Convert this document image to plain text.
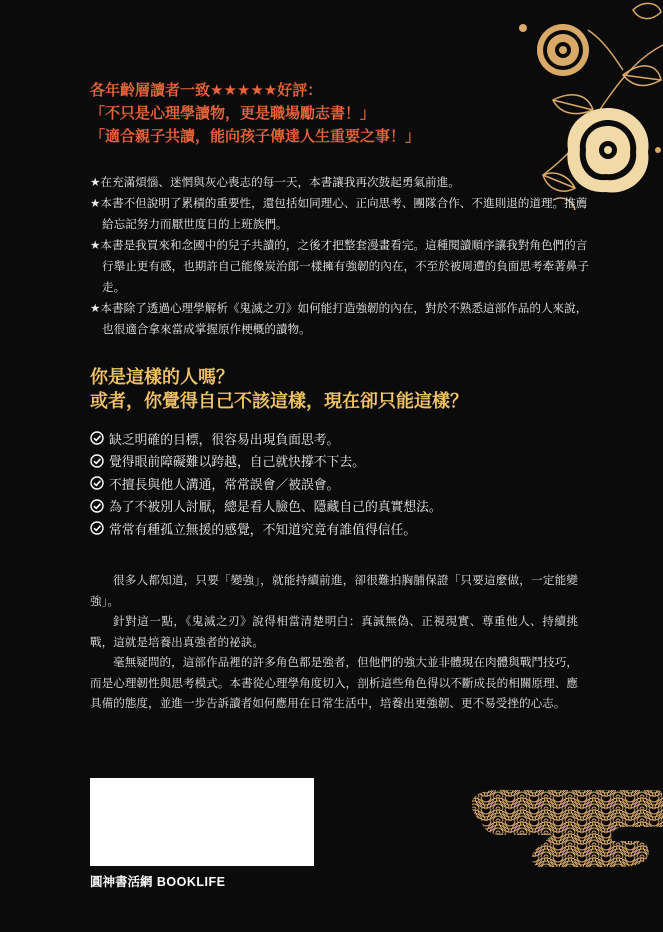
各年齡層讀者一致★★★★★好評：
「不只是心理學讀物，更是職場勵志書！」
「適合親子共讀，能向孩子傳達人生重要之事！」
★在充滿煩惱、迷惘與灰心喪志的每一天，本書讓我再次鼓起勇氣前進。
★本書不但說明了累積的重要性，還包括如同理心、正向思考、團隊合作、不進則退的道理。推薦給忘記努力而厭世度日的上班族們。
★本書是我買來和念國中的兒子共讀的，之後才把整套漫畫看完。這種閱讀順序讓我對角色們的言行舉止更有感，也期許自己能像炭治郎一樣擁有強韌的內在，不至於被周遭的負面思考牽著鼻子走。
★本書除了透過心理學解析《鬼滅之刃》如何能打造強韌的內在，對於不熟悉這部作品的人來說，也很適合拿來當成掌握原作梗概的讀物。
你是這樣的人嗎？
或者，你覺得自己不該這樣，現在卻只能這樣？
缺乏明確的目標，很容易出現負面思考。
覺得眼前障礙難以跨越，自己就快撐不下去。
不擅長與他人溝通，常常誤會／被誤會。
為了不被別人討厭，總是看人臉色、隱藏自己的真實想法。
常常有種孤立無援的感覺，不知道究竟有誰值得信任。

很多人都知道，只要「變強」，就能持續前進，卻很難拍胸脯保證「只要這麼做，一定能變強」。

針對這一點，《鬼滅之刃》說得相當清楚明白：真誠無偽、正視現實、尊重他人、持續挑戰，這就是培養出真強者的祕訣。

毫無疑問的，這部作品裡的許多角色都是強者，但他們的強大並非體現在肉體與戰鬥技巧，而是心理韌性與思考模式。本書從心理學角度切入，剖析這些角色得以不斷成長的相關原理、應具備的態度，並進一步告訴讀者如何應用在日常生活中，培養出更強韌、更不易受挫的心志。

圓神書活網 BOOKLIFE
